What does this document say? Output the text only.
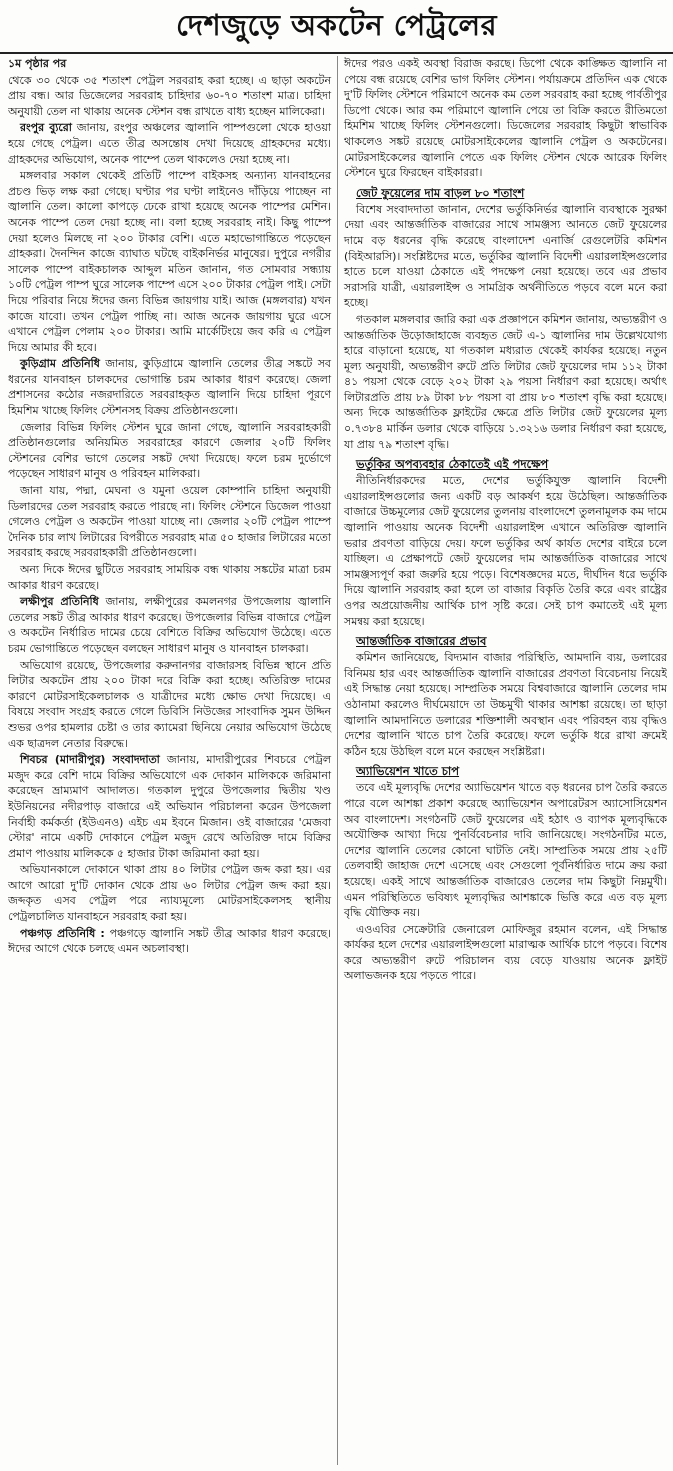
দেশজুড়ে অকটেন পেট্রলের

১ম পৃষ্ঠার পর

থেকে ৩০ থেকে ৩৫ শতাংশ পেট্রল সরবরাহ করা হচ্ছে। এ ছাড়া অকটেন প্রায় বন্ধ। আর ডিজেলের সরবরাহ চাহিদার ৬০-৭০ শতাংশ মাত্র। চাহিদা অনুযায়ী তেল না থাকায় অনেক স্টেশন বন্ধ রাখতে বাধ্য হচ্ছেন মালিকেরা।

রংপুর ব্যুরো জানায়, রংপুর অঞ্চলের জ্বালানি পাম্পগুলো থেকে হাওয়া হয়ে গেছে পেট্রল। এতে তীব্র অসন্তোষ দেখা দিয়েছে গ্রাহকদের মধ্যে। গ্রাহকদের অভিযোগ, অনেক পাম্পে তেল থাকলেও দেয়া হচ্ছে না।

মঙ্গলবার সকাল থেকেই প্রতিটি পাম্পে বাইকসহ অন্যান্য যানবাহনের প্রচণ্ড ভিড় লক্ষ করা গেছে। ঘণ্টার পর ঘণ্টা লাইনেও দাঁড়িয়ে পাচ্ছেন না জ্বালানি তেল। কালো কাপড়ে ঢেকে রাখা হয়েছে অনেক পাম্পের মেশিন। অনেক পাম্পে তেল দেয়া হচ্ছে না। বলা হচ্ছে সরবরাহ নাই। কিছু পাম্পে দেয়া হলেও মিলছে না ২০০ টাকার বেশি। এতে মহাভোগান্তিতে পড়েছেন গ্রাহকরা। দৈনন্দিন কাজে ব্যাঘাত ঘটছে বাইকনির্ভর মানুষের। দুপুরে নগরীর সালেক পাম্পে বাইকচালক আব্দুল মতিন জানান, গত সোমবার সন্ধ্যায় ১০টি পেট্রল পাম্প ঘুরে সালেক পাম্পে এসে ২০০ টাকার পেট্রল পাই। সেটা দিয়ে পরিবার নিয়ে ঈদের জন্য বিভিন্ন জায়গায় যাই। আজ (মঙ্গলবার) যখন কাজে যাবো। তখন পেট্রল পাচ্ছি না। আজ অনেক জায়গায় ঘুরে এসে এখানে পেট্রল পেলাম ২০০ টাকার। আমি মার্কেটিংয়ে জব করি এ পেট্রল দিয়ে আমার কী হবে।

কুড়িগ্রাম প্রতিনিধি জানায়, কুড়িগ্রামে জ্বালানি তেলের তীব্র সঙ্কটে সব ধরনের যানবাহন চালকদের ভোগান্তি চরম আকার ধারণ করেছে। জেলা প্রশাসনের কঠোর নজরদারিতে সরবরাহকৃত জ্বালানি দিয়ে চাহিদা পূরণে হিমশিম খাচ্ছে ফিলিং স্টেশনসহ বিক্রয় প্রতিষ্ঠানগুলো।

জেলার বিভিন্ন ফিলিং স্টেশন ঘুরে জানা গেছে, জ্বালানি সরবরাহকারী প্রতিষ্ঠানগুলোর অনিয়মিত সরবরাহের কারণে জেলার ২০টি ফিলিং স্টেশনের বেশির ভাগে তেলের সঙ্কট দেখা দিয়েছে। ফলে চরম দুর্ভোগে পড়েছেন সাধারণ মানুষ ও পরিবহন মালিকরা।

জানা যায়, পদ্মা, মেঘনা ও যমুনা ওয়েল কোম্পানি চাহিদা অনুযায়ী ডিলারদের তেল সরবরাহ করতে পারছে না। ফিলিং স্টেশনে ডিজেল পাওয়া গেলেও পেট্রল ও অকটেন পাওয়া যাচ্ছে না। জেলার ২০টি পেট্রল পাম্পে দৈনিক চার লাখ লিটারের বিপরীতে সরবরাহ মাত্র ৫০ হাজার লিটারের মতো সরবরাহ করছে সরবরাহকারী প্রতিষ্ঠানগুলো।

অন্য দিকে ঈদের ছুটিতে সরবরাহ সাময়িক বন্ধ থাকায় সঙ্কটের মাত্রা চরম আকার ধারণ করেছে।

লক্ষীপুর প্রতিনিধি জানায়, লক্ষীপুরের কমলনগর উপজেলায় জ্বালানি তেলের সঙ্কট তীব্র আকার ধারণ করেছে। উপজেলার বিভিন্ন বাজারে পেট্রল ও অকটেন নির্ধারিত দামের চেয়ে বেশিতে বিক্রির অভিযোগ উঠেছে। এতে চরম ভোগান্তিতে পড়েছেন বলছেন সাধারণ মানুষ ও যানবাহন চালকরা।

অভিযোগ রয়েছে, উপজেলার করুনানগর বাজারসহ বিভিন্ন স্থানে প্রতি লিটার অকটেন প্রায় ২০০ টাকা দরে বিক্রি করা হচ্ছে। অতিরিক্ত দামের কারণে মোটরসাইকেলচালক ও যাত্রীদের মধ্যে ক্ষোভ দেখা দিয়েছে। এ বিষয়ে সংবাদ সংগ্রহ করতে গেলে ডিবিসি নিউজের সাংবাদিক সুমন উদ্দিন শুভর ওপর হামলার চেষ্টা ও তার ক্যামেরা ছিনিয়ে নেয়ার অভিযোগ উঠেছে এক ছাত্রদল নেতার বিরুদ্ধে।

শিবচর (মাদারীপুর) সংবাদদাতা জানায়, মাদারীপুরের শিবচরে পেট্রল মজুদ করে বেশি দামে বিক্রির অভিযোগে এক দোকান মালিককে জরিমানা করেছেন ভ্রাম্যমাণ আদালত। গতকাল দুপুরে উপজেলার দ্বিতীয় খণ্ড ইউনিয়নের নদীরপাড় বাজারে এই অভিযান পরিচালনা করেন উপজেলা নির্বাহী কর্মকর্তা (ইউএনও) এইচ এম ইবনে মিজান। ওই বাজারের 'মেজবা স্টোর' নামে একটি দোকানে পেট্রল মজুদ রেখে অতিরিক্ত দামে বিক্রির প্রমাণ পাওয়ায় মালিককে ৫ হাজার টাকা জরিমানা করা হয়।

অভিযানকালে দোকানে থাকা প্রায় ৪০ লিটার পেট্রল জব্দ করা হয়। এর আগে আরো দু'টি দোকান থেকে প্রায় ৬০ লিটার পেট্রল জব্দ করা হয়। জব্দকৃত এসব পেট্রল পরে ন্যায্যমূল্যে মোটরসাইকেলসহ স্থানীয় পেট্রলচালিত যানবাহনে সরবরাহ করা হয়।

পঞ্চগড় প্রতিনিধি : পঞ্চগড়ে জ্বালানি সঙ্কট তীব্র আকার ধারণ করেছে। ঈদের আগে থেকে চলছে এমন অচলাবস্থা।

ঈদের পরও একই অবস্থা বিরাজ করছে। ডিপো থেকে কাঙ্ক্ষিত জ্বালানি না পেয়ে বন্ধ রয়েছে বেশির ভাগ ফিলিং স্টেশন। পর্যায়ক্রমে প্রতিদিন এক থেকে দু'টি ফিলিং স্টেশনে পরিমাণে অনেক কম তেল সরবরাহ করা হচ্ছে পার্বতীপুর ডিপো থেকে। আর কম পরিমাণে জ্বালানি পেয়ে তা বিক্রি করতে রীতিমতো হিমশিম খাচ্ছে ফিলিং স্টেশনগুলো। ডিজেলের সরবরাহ কিছুটা স্বাভাবিক থাকলেও সঙ্কট রয়েছে মোটরসাইকেলের জ্বালানি পেট্রল ও অকটেনের। মোটরসাইকেলের জ্বালানি পেতে এক ফিলিং স্টেশন থেকে আরেক ফিলিং স্টেশনে ঘুরে ফিরছেন বাইকাররা।

জেট ফুয়েলের দাম বাড়ল ৮০ শতাংশ

বিশেষ সংবাদদাতা জানান, দেশের ভর্তুকিনির্ভর জ্বালানি ব্যবস্থাকে সুরক্ষা দেয়া এবং আন্তর্জাতিক বাজারের সাথে সামঞ্জস্য আনতে জেট ফুয়েলের দামে বড় ধরনের বৃদ্ধি করেছে বাংলাদেশ এনার্জি রেগুলেটরি কমিশন (বিইআরসি)। সংশ্লিষ্টদের মতে, ভর্তুকির জ্বালানি বিদেশী এয়ারলাইন্সগুলোর হাতে চলে যাওয়া ঠেকাতে এই পদক্ষেপ নেয়া হয়েছে। তবে এর প্রভাব সরাসরি যাত্রী, এয়ারলাইন্স ও সামগ্রিক অর্থনীতিতে পড়বে বলে মনে করা হচ্ছে।

গতকাল মঙ্গলবার জারি করা এক প্রজ্ঞাপনে কমিশন জানায়, অভ্যন্তরীণ ও আন্তর্জাতিক উড়োজাহাজে ব্যবহৃত জেট এ-১ জ্বালানির দাম উল্লেখযোগ্য হারে বাড়ানো হয়েছে, যা গতকাল মধ্যরাত থেকেই কার্যকর হয়েছে। নতুন মূল্য অনুযায়ী, অভ্যন্তরীণ রুটে প্রতি লিটার জেট ফুয়েলের দাম ১১২ টাকা ৪১ পয়সা থেকে বেড়ে ২০২ টাকা ২৯ পয়সা নির্ধারণ করা হয়েছে। অর্থাৎ লিটারপ্রতি প্রায় ৮৯ টাকা ৮৮ পয়সা বা প্রায় ৮০ শতাংশ বৃদ্ধি করা হয়েছে। অন্য দিকে আন্তর্জাতিক ফ্লাইটের ক্ষেত্রে প্রতি লিটার জেট ফুয়েলের মূল্য ০.৭৩৮৪ মার্কিন ডলার থেকে বাড়িয়ে ১.৩২১৬ ডলার নির্ধারণ করা হয়েছে, যা প্রায় ৭৯ শতাংশ বৃদ্ধি।

ভর্তুকির অপব্যবহার ঠেকাতেই এই পদক্ষেপ

নীতিনির্ধারকদের মতে, দেশের ভর্তুকিযুক্ত জ্বালানি বিদেশী এয়ারলাইন্সগুলোর জন্য একটি বড় আকর্ষণ হয়ে উঠেছিল। আন্তর্জাতিক বাজারে উচ্চমূল্যের জেট ফুয়েলের তুলনায় বাংলাদেশে তুলনামূলক কম দামে জ্বালানি পাওয়ায় অনেক বিদেশী এয়ারলাইন্স এখানে অতিরিক্ত জ্বালানি ভরার প্রবণতা বাড়িয়ে দেয়। ফলে ভর্তুকির অর্থ কার্যত দেশের বাইরে চলে যাচ্ছিল। এ প্রেক্ষাপটে জেট ফুয়েলের দাম আন্তর্জাতিক বাজারের সাথে সামঞ্জস্যপূর্ণ করা জরুরি হয়ে পড়ে। বিশেষজ্ঞদের মতে, দীর্ঘদিন ধরে ভর্তুকি দিয়ে জ্বালানি সরবরাহ করা হলে তা বাজার বিকৃতি তৈরি করে এবং রাষ্ট্রের ওপর অপ্রয়োজনীয় আর্থিক চাপ সৃষ্টি করে। সেই চাপ কমাতেই এই মূল্য সমন্বয় করা হয়েছে।

আন্তর্জাতিক বাজারের প্রভাব

কমিশন জানিয়েছে, বিদ্যমান বাজার পরিস্থিতি, আমদানি ব্যয়, ডলারের বিনিময় হার এবং আন্তর্জাতিক জ্বালানি বাজারের প্রবণতা বিবেচনায় নিয়েই এই সিদ্ধান্ত নেয়া হয়েছে। সাম্প্রতিক সময়ে বিশ্ববাজারে জ্বালানি তেলের দাম ওঠানামা করলেও দীর্ঘমেয়াদে তা উচ্চমুখী থাকার আশঙ্কা রয়েছে। তা ছাড়া জ্বালানি আমদানিতে ডলারের শক্তিশালী অবস্থান এবং পরিবহন ব্যয় বৃদ্ধিও দেশের জ্বালানি খাতে চাপ তৈরি করেছে। ফলে ভর্তুকি ধরে রাখা ক্রমেই কঠিন হয়ে উঠছিল বলে মনে করছেন সংশ্লিষ্টরা।

অ্যাভিয়েশন খাতে চাপ

তবে এই মূল্যবৃদ্ধি দেশের অ্যাভিয়েশন খাতে বড় ধরনের চাপ তৈরি করতে পারে বলে আশঙ্কা প্রকাশ করেছে অ্যাভিয়েশন অপারেটরস অ্যাসোসিয়েশন অব বাংলাদেশ। সংগঠনটি জেট ফুয়েলের এই হঠাৎ ও ব্যাপক মূল্যবৃদ্ধিকে অযৌক্তিক আখ্যা দিয়ে পুনর্বিবেচনার দাবি জানিয়েছে। সংগঠনটির মতে, দেশের জ্বালানি তেলের কোনো ঘাটতি নেই। সাম্প্রতিক সময়ে প্রায় ২৫টি তেলবাহী জাহাজ দেশে এসেছে এবং সেগুলো পূর্বনির্ধারিত দামে ক্রয় করা হয়েছে। একই সাথে আন্তর্জাতিক বাজারেও তেলের দাম কিছুটা নিম্নমুখী। এমন পরিস্থিতিতে ভবিষ্যৎ মূল্যবৃদ্ধির আশঙ্কাকে ভিত্তি করে এত বড় মূল্য বৃদ্ধি যৌক্তিক নয়।

এওএবির সেক্রেটারি জেনারেল মোফিজুর রহমান বলেন, এই সিদ্ধান্ত কার্যকর হলে দেশের এয়ারলাইন্সগুলো মারাত্মক আর্থিক চাপে পড়বে। বিশেষ করে অভ্যন্তরীণ রুটে পরিচালন ব্যয় বেড়ে যাওয়ায় অনেক ফ্লাইট অলাভজনক হয়ে পড়তে পারে।
